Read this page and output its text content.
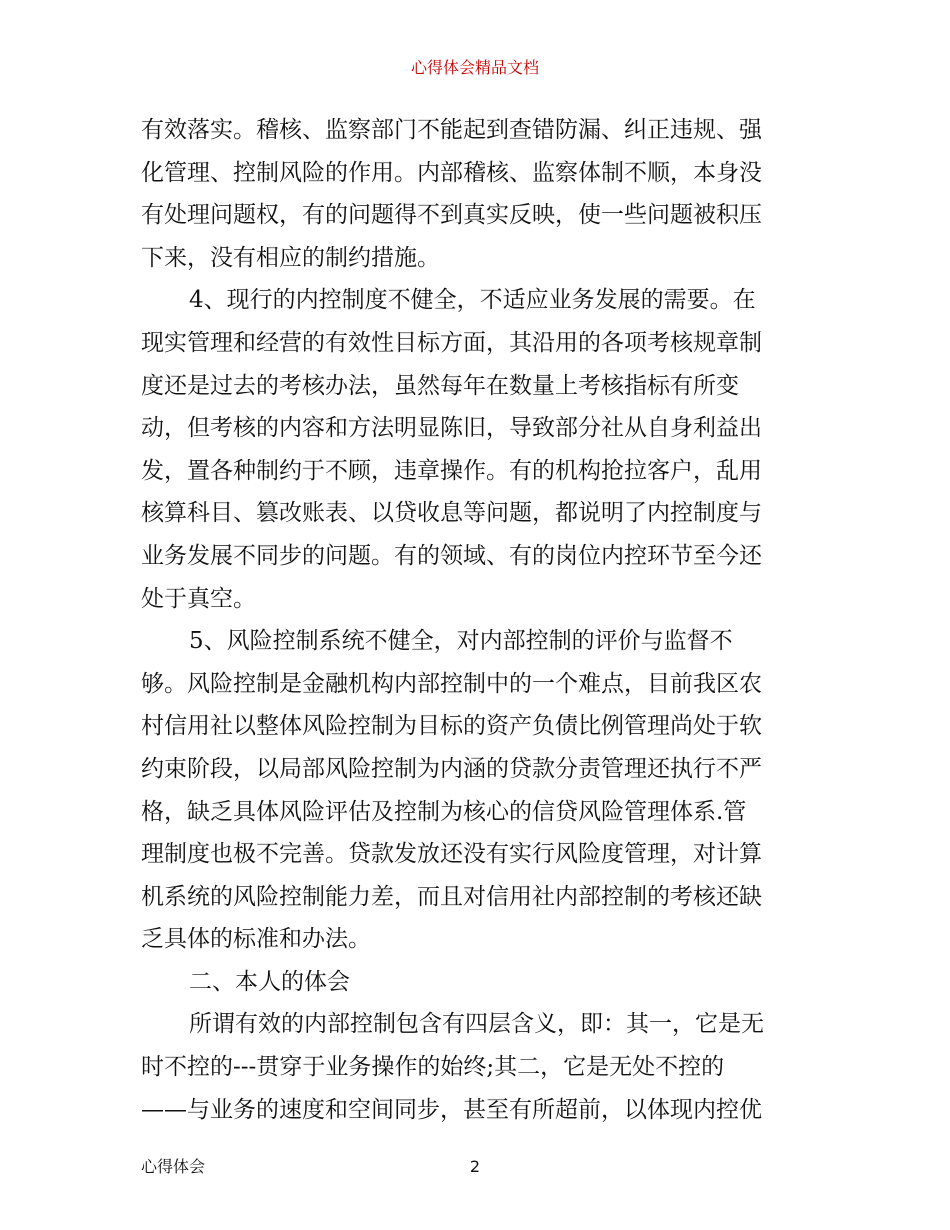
心得体会精品文档
有效落实。稽核、监察部门不能起到查错防漏、纠正违规、强
化管理、控制风险的作用。内部稽核、监察体制不顺，本身没
有处理问题权，有的问题得不到真实反映，使一些问题被积压
下来，没有相应的制约措施。
4、现行的内控制度不健全，不适应业务发展的需要。在
现实管理和经营的有效性目标方面，其沿用的各项考核规章制
度还是过去的考核办法，虽然每年在数量上考核指标有所变
动，但考核的内容和方法明显陈旧，导致部分社从自身利益出
发，置各种制约于不顾，违章操作。有的机构抢拉客户，乱用
核算科目、篡改账表、以贷收息等问题，都说明了内控制度与
业务发展不同步的问题。有的领域、有的岗位内控环节至今还
处于真空。
5、风险控制系统不健全，对内部控制的评价与监督不
够。风险控制是金融机构内部控制中的一个难点，目前我区农
村信用社以整体风险控制为目标的资产负债比例管理尚处于软
约束阶段，以局部风险控制为内涵的贷款分责管理还执行不严
格，缺乏具体风险评估及控制为核心的信贷风险管理体系.管
理制度也极不完善。贷款发放还没有实行风险度管理，对计算
机系统的风险控制能力差，而且对信用社内部控制的考核还缺
乏具体的标准和办法。
二、本人的体会
所谓有效的内部控制包含有四层含义，即：其一，它是无
时不控的---贯穿于业务操作的始终;其二，它是无处不控的
——与业务的速度和空间同步，甚至有所超前，以体现内控优
心得体会	2
